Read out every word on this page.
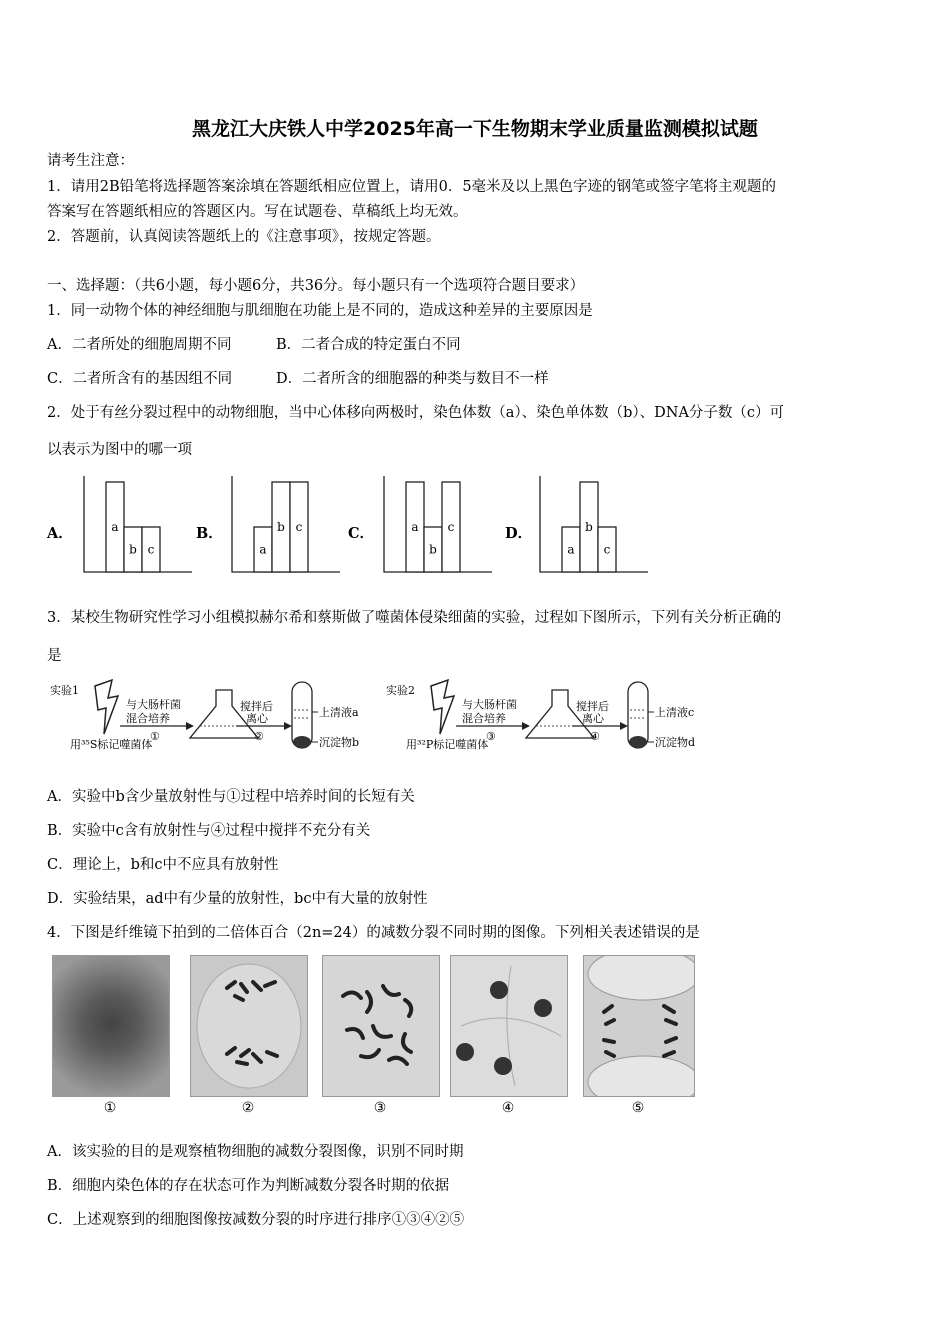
黑龙江大庆铁人中学2025年高一下生物期末学业质量监测模拟试题
请考生注意：
1．请用2B铅笔将选择题答案涂填在答题纸相应位置上，请用0．5毫米及以上黑色字迹的钢笔或签字笔将主观题的
答案写在答题纸相应的答题区内。写在试题卷、草稿纸上均无效。
2．答题前，认真阅读答题纸上的《注意事项》，按规定答题。
一、选择题：（共6小题，每小题6分，共36分。每小题只有一个选项符合题目要求）
1．同一动物个体的神经细胞与肌细胞在功能上是不同的，造成这种差异的主要原因是
A．二者所处的细胞周期不同	B．二者合成的特定蛋白不同
C．二者所含有的基因组不同	D．二者所含的细胞器的种类与数目不一样
2．处于有丝分裂过程中的动物细胞，当中心体移向两极时，染色体数（a）、染色单体数（b）、DNA分子数（c）可
以表示为图中的哪一项
A．	B．	C．	D．
a
b c	a
b c	a
b
c
a
b
c
3．某校生物研究性学习小组模拟赫尔希和蔡斯做了噬菌体侵染细菌的实验，过程如下图所示，下列有关分析正确的
是
实验1
用³⁵S标记噬菌体
与大肠杆菌
混合培养
①
搅拌后
离心
②
上清液a
沉淀物b
实验2
用³²P标记噬菌体
与大肠杆菌
混合培养
③
搅拌后
离心
④
上清液c
沉淀物d
A．实验中b含少量放射性与①过程中培养时间的长短有关
B．实验中c含有放射性与④过程中搅拌不充分有关
C．理论上，b和c中不应具有放射性
D．实验结果，ad中有少量的放射性，bc中有大量的放射性
4．下图是纤维镜下拍到的二倍体百合（2n=24）的减数分裂不同时期的图像。下列相关表述错误的是
①	②	③	④	⑤
A．该实验的目的是观察植物细胞的减数分裂图像，识别不同时期
B．细胞内染色体的存在状态可作为判断减数分裂各时期的依据
C．上述观察到的细胞图像按减数分裂的时序进行排序①③④②⑤
